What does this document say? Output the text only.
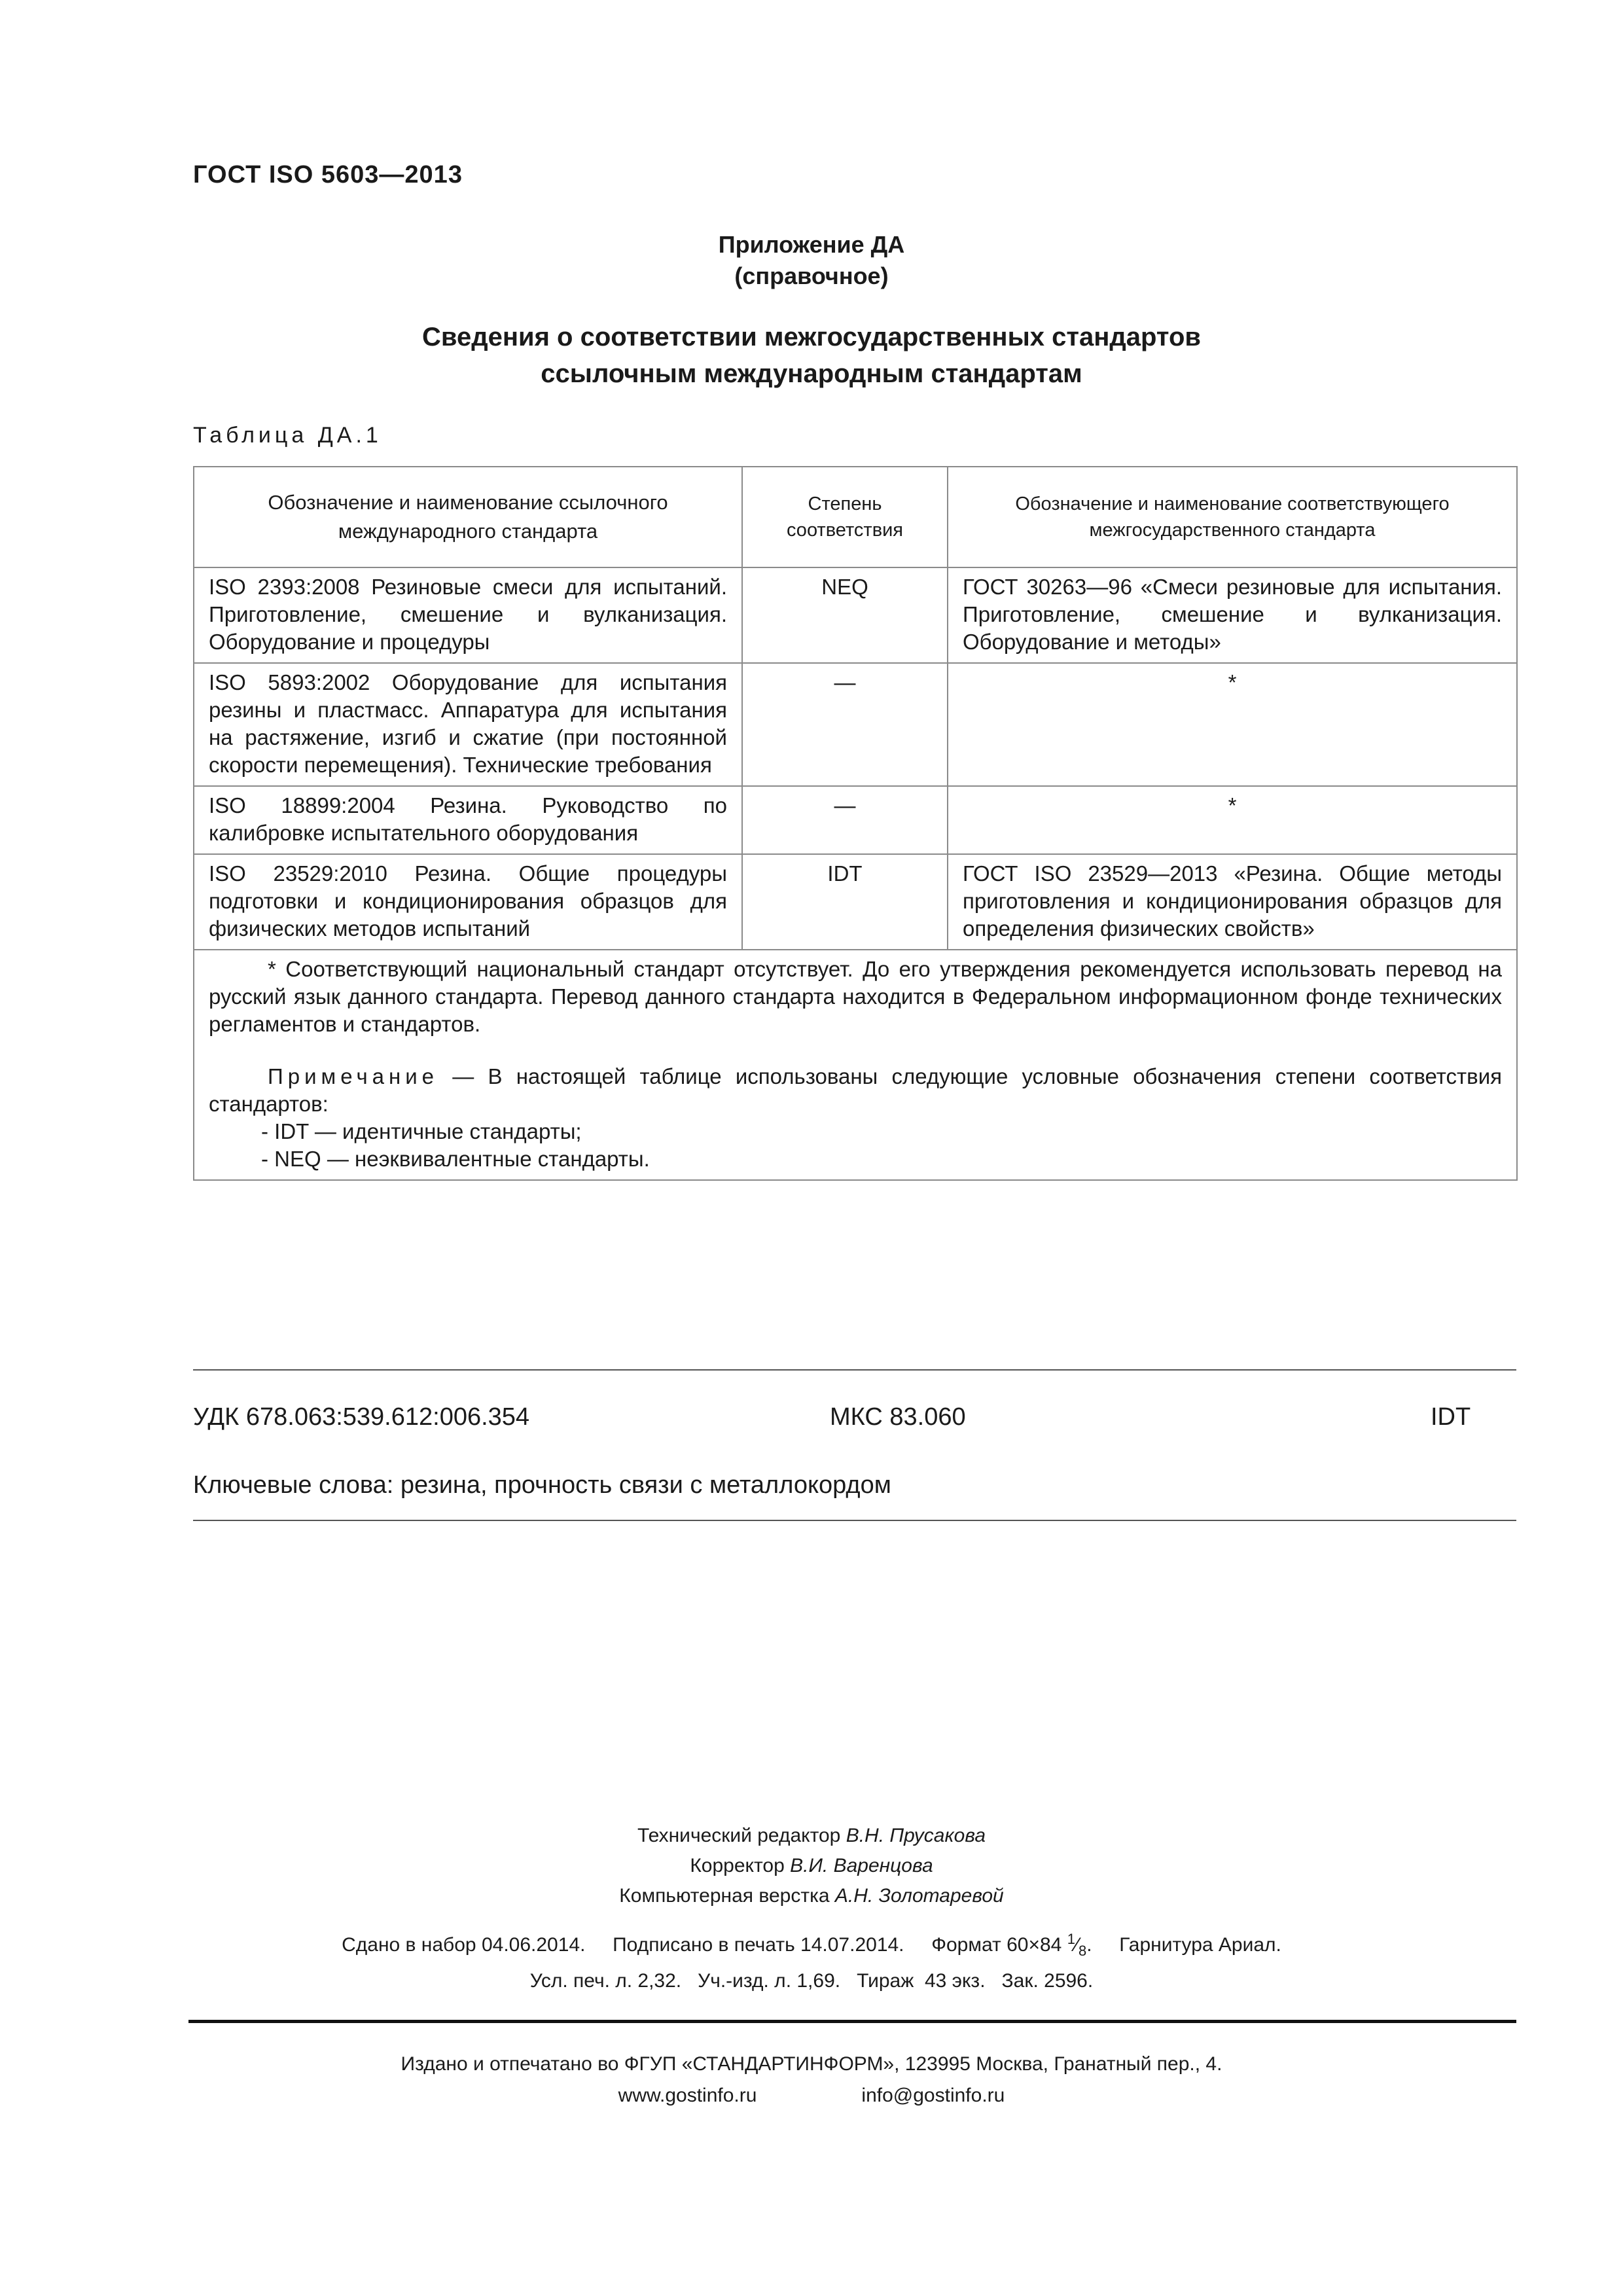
ГОСТ ISO 5603—2013
Приложение ДА
(справочное)
Сведения о соответствии межгосударственных стандартов
ссылочным международным стандартам
Таблица ДА.1
Обозначение и наименование ссылочного международного стандарта	Степень соответствия	Обозначение и наименование соответствующего межгосударственного стандарта
ISO 2393:2008 Резиновые смеси для испытаний. Приготовление, смешение и вулканизация. Оборудование и процедуры	NEQ	ГОСТ 30263—96 «Смеси резиновые для испытания. Приготовление, смешение и вулканизация. Оборудование и методы»
ISO 5893:2002 Оборудование для испытания резины и пластмасс. Аппаратура для испытания на растяжение, изгиб и сжатие (при постоянной скорости перемещения). Технические требования	—	*
ISO 18899:2004 Резина. Руководство по калибровке испытательного оборудования	—	*
ISO 23529:2010 Резина. Общие процедуры подготовки и кондиционирования образцов для физических методов испытаний	IDT	ГОСТ ISO 23529—2013 «Резина. Общие методы приготовления и кондиционирования образцов для определения физических свойств»

* Соответствующий национальный стандарт отсутствует. До его утверждения рекомендуется использовать перевод на русский язык данного стандарта. Перевод данного стандарта находится в Федеральном информационном фонде технических регламентов и стандартов.

Примечание — В настоящей таблице использованы следующие условные обозначения степени соответствия стандартов:

- IDT — идентичные стандарты;

- NEQ — неэквивалентные стандарты.		

УДК 678.063:539.612:006.354	МКС 83.060	IDT
Ключевые слова: резина, прочность связи с металлокордом
Технический редактор В.Н. Прусакова
Корректор В.И. Варенцова
Компьютерная верстка А.Н. Золотаревой
Сдано в набор 04.06.2014.     Подписано в печать 14.07.2014.     Формат 60×84 $^1⁄_8$.     Гарнитура Ариал.
Усл. печ. л. 2,32.   Уч.-изд. л. 1,69.   Тираж  43 экз.   Зак. 2596.
Издано и отпечатано во ФГУП «СТАНДАРТИНФОРМ», 123995 Москва, Гранатный пер., 4.
www.gostinfo.ru	info@gostinfo.ru
